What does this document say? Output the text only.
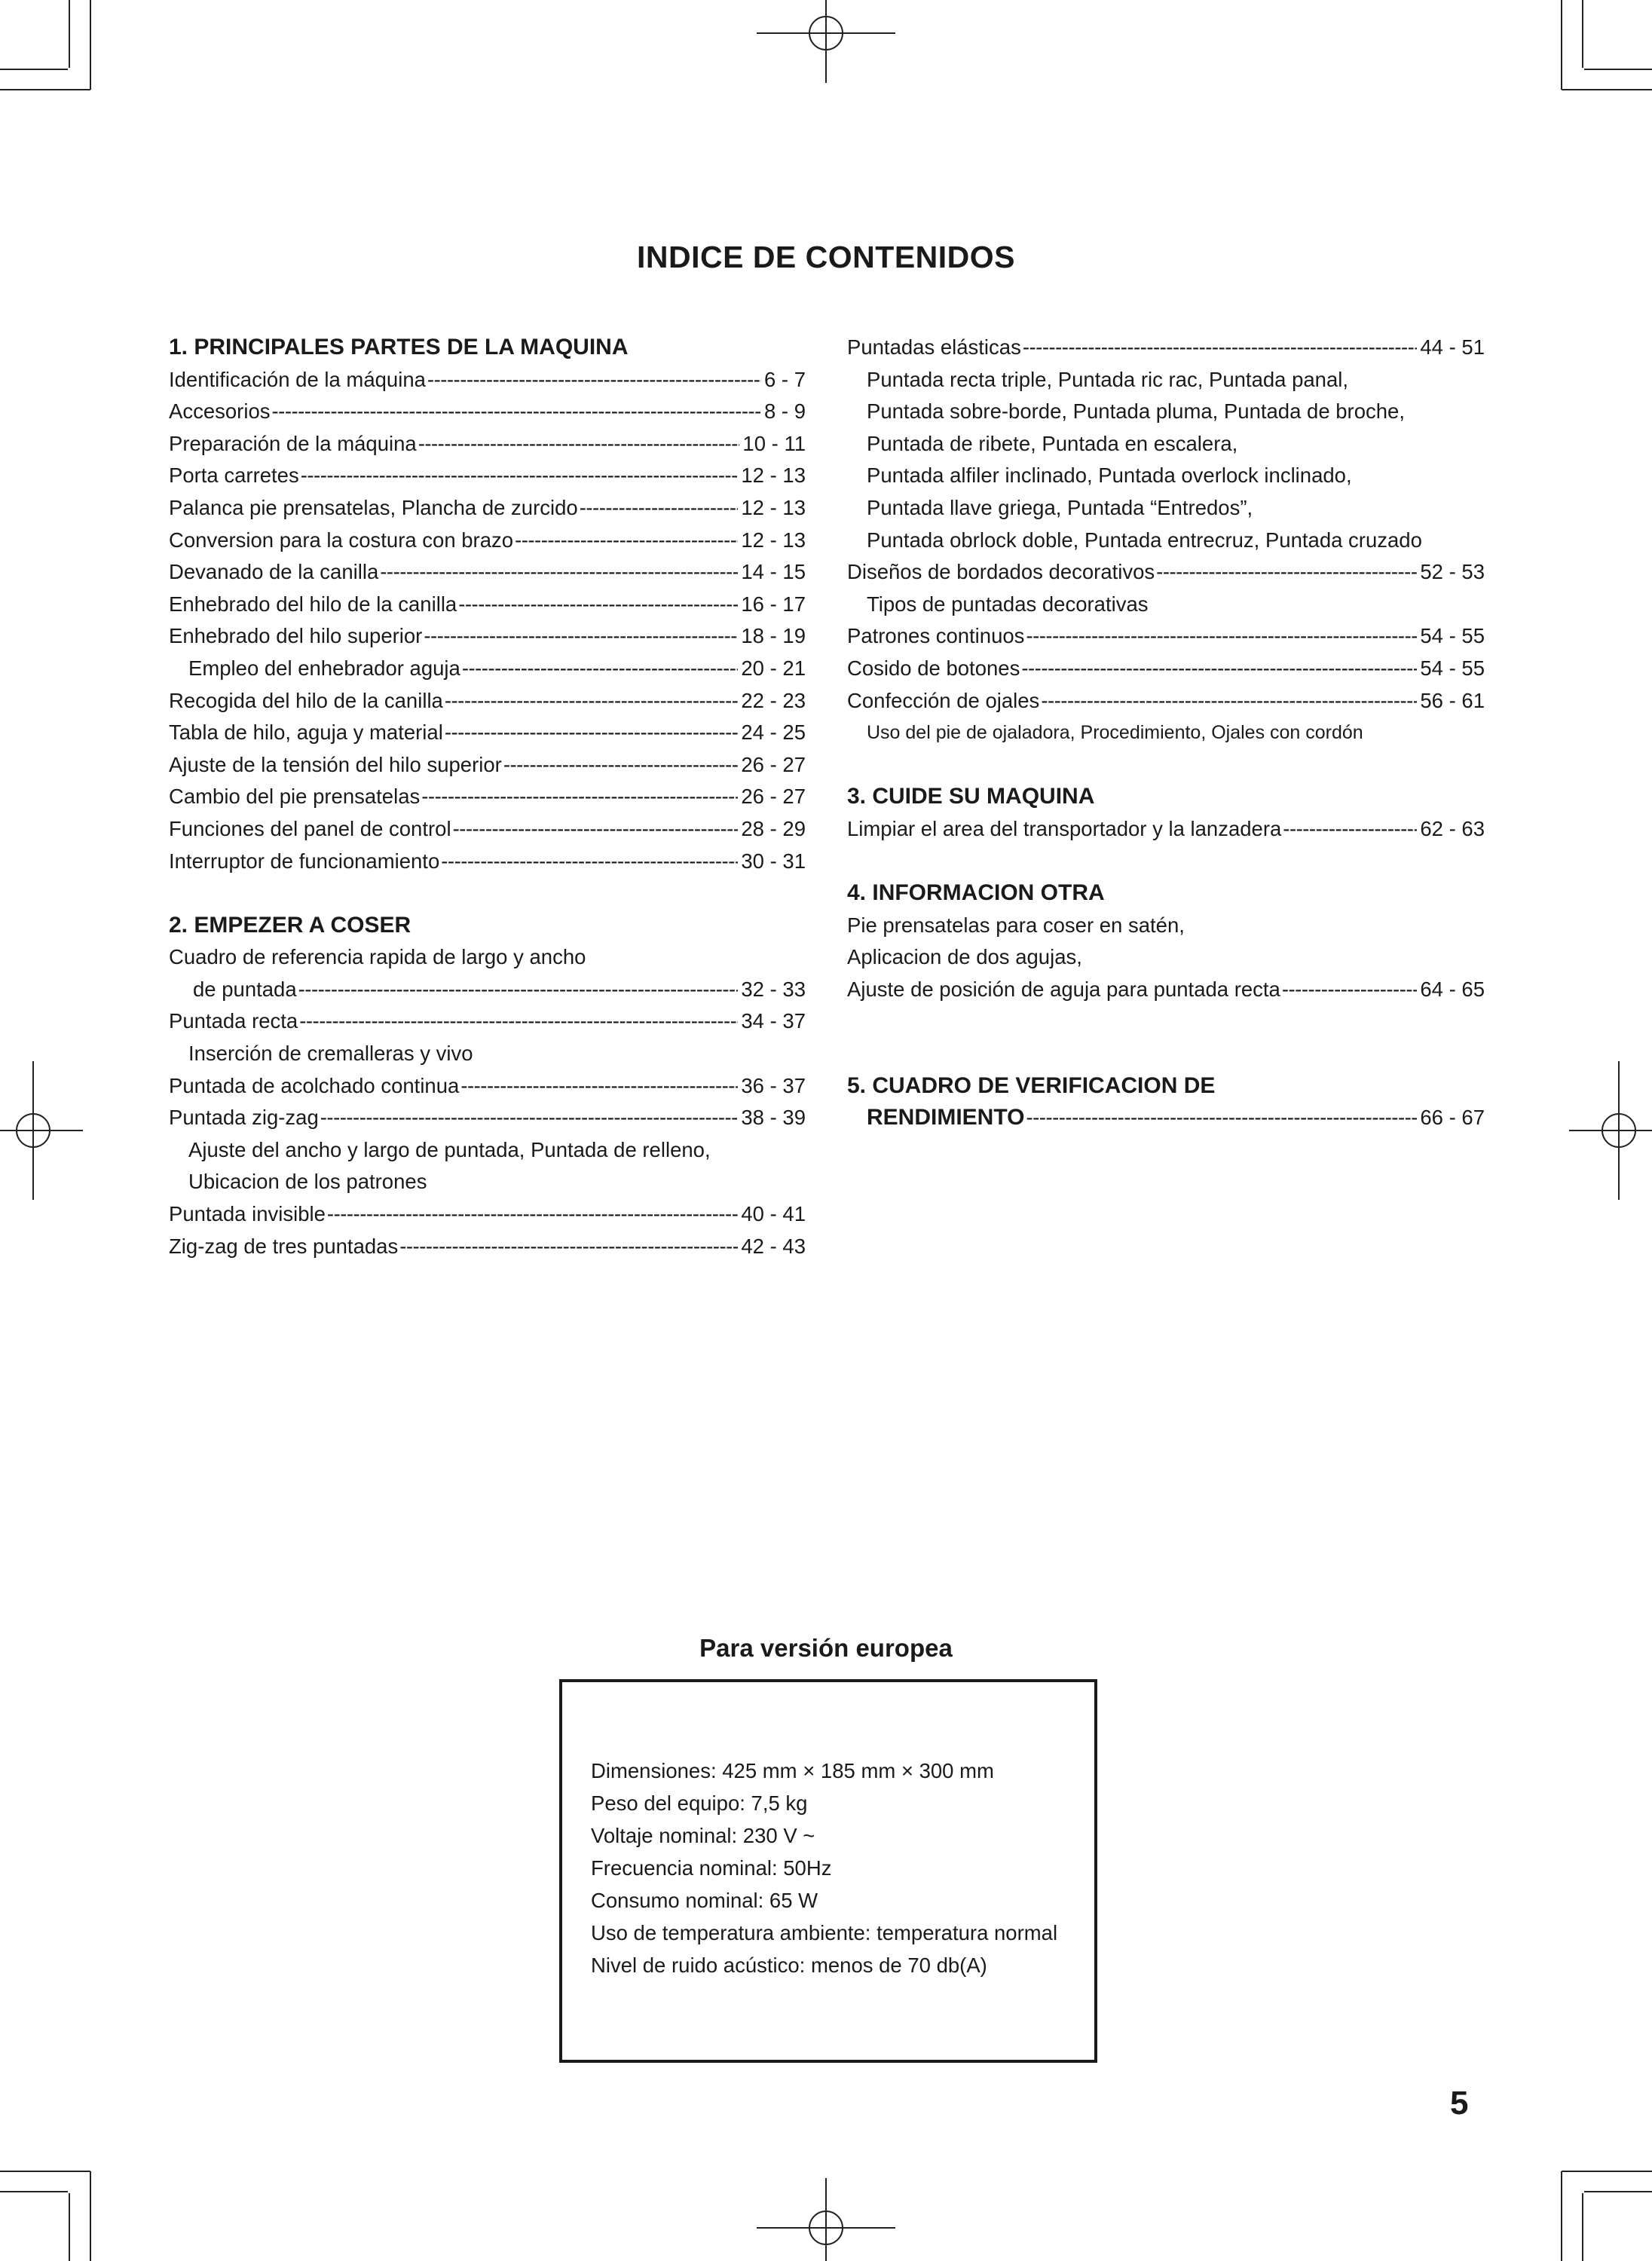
INDICE DE CONTENIDOS
1. PRINCIPALES PARTES DE LA MAQUINA
Identificación de la máquina -----	6 - 7
Accesorios -----	8 - 9
Preparación de la máquina -----	10 - 11
Porta carretes -----	12 - 13
Palanca pie prensatelas, Plancha de zurcido -----	12 - 13
Conversion para la costura con brazo -----	12 - 13
Devanado de la canilla -----	14 - 15
Enhebrado del hilo de la canilla -----	16 - 17
Enhebrado del hilo superior -----	18 - 19
Empleo del enhebrador aguja -----	20 - 21
Recogida del hilo de la canilla -----	22 - 23
Tabla de hilo, aguja y material -----	24 - 25
Ajuste de la tensión del hilo superior -----	26 - 27
Cambio del pie prensatelas -----	26 - 27
Funciones del panel de control -----	28 - 29
Interruptor de funcionamiento -----	30 - 31
2. EMPEZER A COSER
Cuadro de referencia rapida de largo y ancho
de puntada -----	32 - 33
Puntada recta -----	34 - 37
Inserción de cremalleras y vivo
Puntada de acolchado continua -----	36 - 37
Puntada zig-zag -----	38 - 39
Ajuste del ancho y largo de puntada, Puntada de relleno,
Ubicacion de los patrones
Puntada invisible -----	40 - 41
Zig-zag de tres puntadas -----	42 - 43
Puntadas elásticas -----	44 - 51
Puntada recta triple, Puntada ric rac, Puntada panal,
Puntada sobre-borde, Puntada pluma, Puntada de broche,
Puntada de ribete, Puntada en escalera,
Puntada alfiler inclinado, Puntada overlock inclinado,
Puntada llave griega, Puntada “Entredos”,
Puntada obrlock doble, Puntada entrecruz, Puntada cruzado
Diseños de bordados decorativos -----	52 - 53
Tipos de puntadas decorativas
Patrones continuos -----	54 - 55
Cosido de botones -----	54 - 55
Confección de ojales -----	56 - 61
Uso del pie de ojaladora, Procedimiento, Ojales con cordón
3. CUIDE SU MAQUINA
Limpiar el area del transportador y la lanzadera -----	62 - 63
4. INFORMACION OTRA
Pie prensatelas para coser en satén,
Aplicacion de dos agujas,
Ajuste de posición de aguja para puntada recta -----	64 - 65
5. CUADRO DE VERIFICACION DE
RENDIMIENTO -----	66 - 67
Para versión europea
Dimensiones: 425 mm × 185 mm × 300 mm
Peso del equipo: 7,5 kg
Voltaje nominal: 230 V ~
Frecuencia nominal: 50Hz
Consumo nominal: 65 W
Uso de temperatura ambiente: temperatura normal
Nivel de ruido acústico: menos de 70 db(A)
5
